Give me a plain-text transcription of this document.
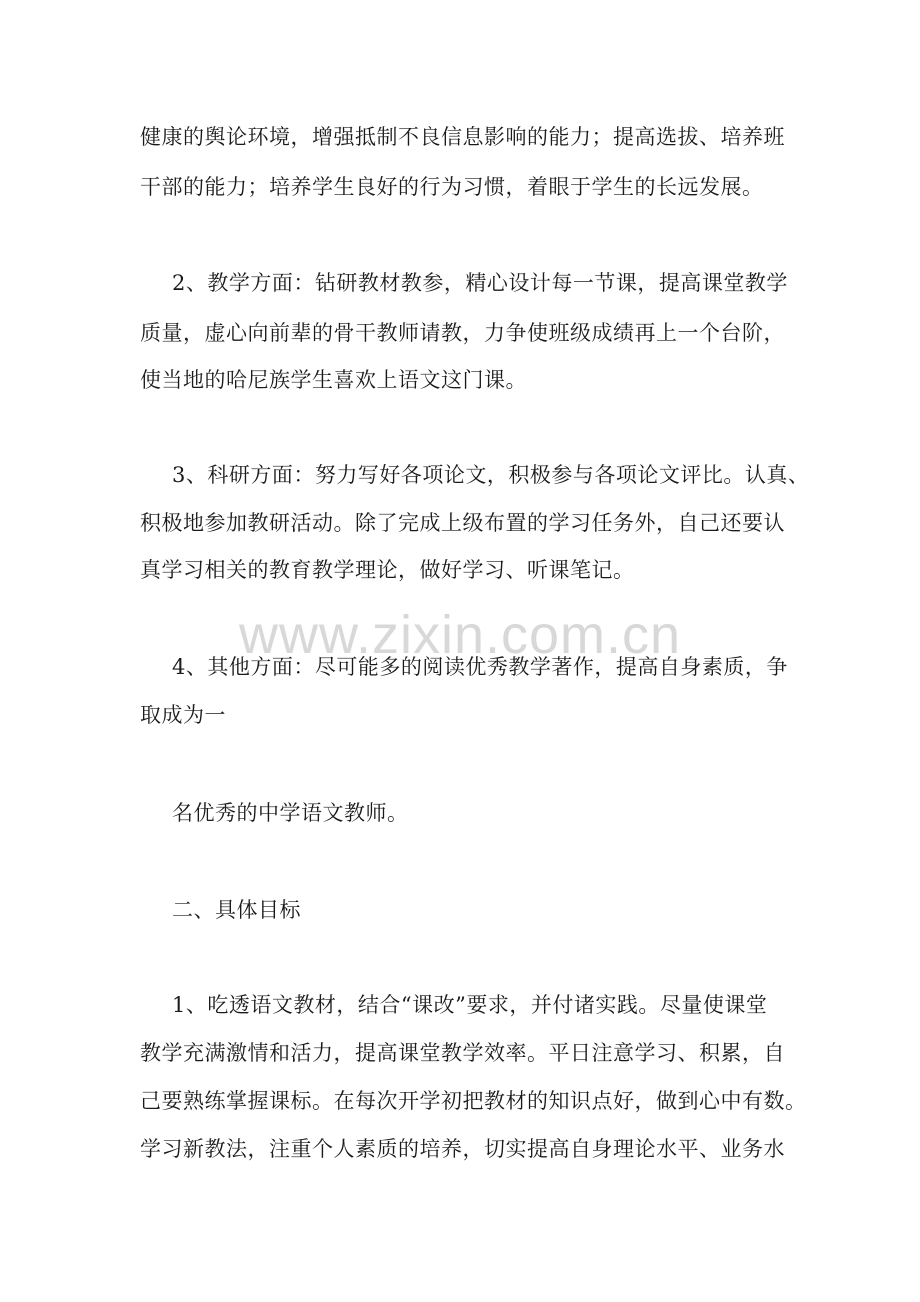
健康的舆论环境，增强抵制不良信息影响的能力；提高选拔、培养班
干部的能力；培养学生良好的行为习惯，着眼于学生的长远发展。
2、教学方面：钻研教材教参，精心设计每一节课，提高课堂教学
质量，虚心向前辈的骨干教师请教，力争使班级成绩再上一个台阶，
使当地的哈尼族学生喜欢上语文这门课。
3、科研方面：努力写好各项论文，积极参与各项论文评比。认真、
积极地参加教研活动。除了完成上级布置的学习任务外，自己还要认
真学习相关的教育教学理论，做好学习、听课笔记。
www.zixin.com.cn
4、其他方面：尽可能多的阅读优秀教学著作，提高自身素质，争
取成为一
名优秀的中学语文教师。
二、具体目标
1、吃透语文教材，结合“课改”要求，并付诸实践。尽量使课堂
教学充满激情和活力，提高课堂教学效率。平日注意学习、积累，自
己要熟练掌握课标。在每次开学初把教材的知识点好，做到心中有数。
学习新教法，注重个人素质的培养，切实提高自身理论水平、业务水
